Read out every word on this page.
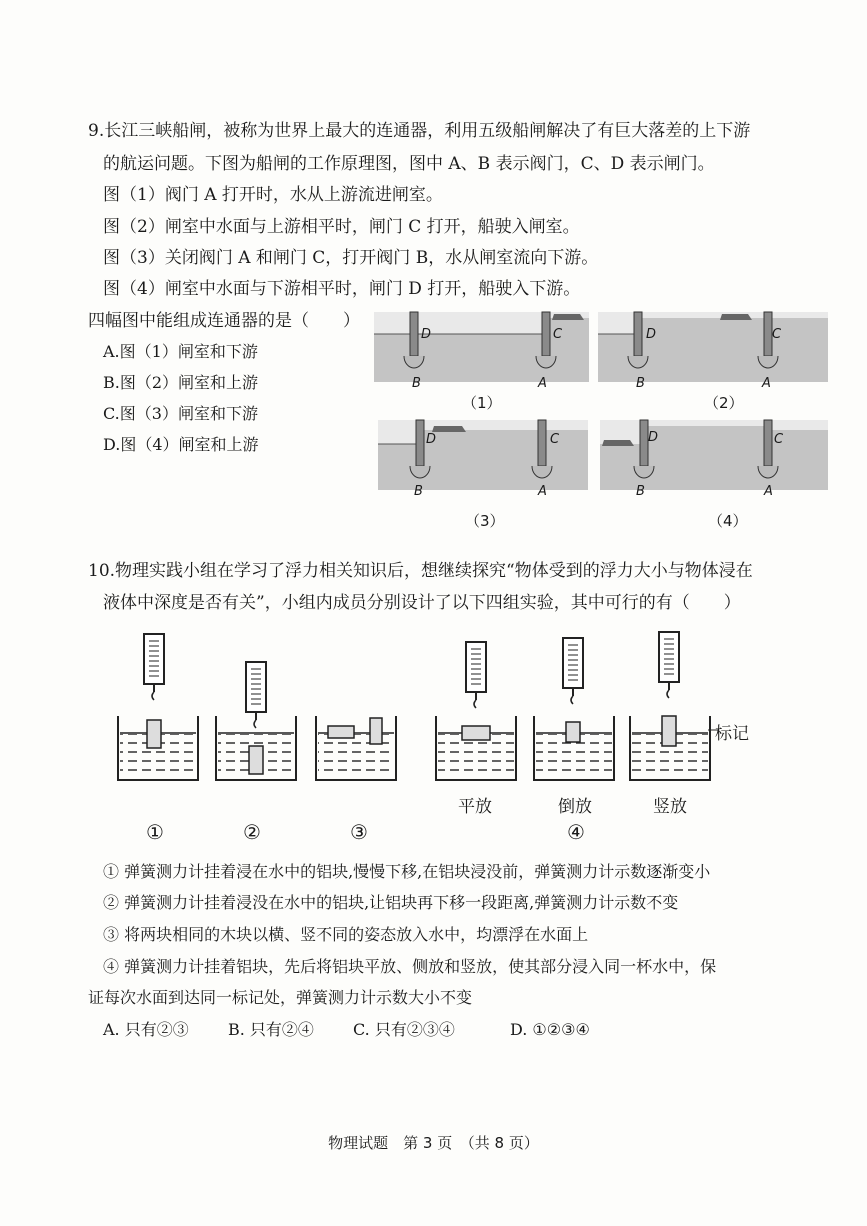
9.长江三峡船闸，被称为世界上最大的连通器，利用五级船闸解决了有巨大落差的上下游
的航运问题。下图为船闸的工作原理图，图中 A、B 表示阀门，C、D 表示闸门。
图（1）阀门 A 打开时，水从上游流进闸室。
图（2）闸室中水面与上游相平时，闸门 C 打开，船驶入闸室。
图（3）关闭阀门 A 和闸门 C，打开阀门 B，水从闸室流向下游。
图（4）闸室中水面与下游相平时，闸门 D 打开，船驶入下游。
四幅图中能组成连通器的是（　　）
A.图（1）闸室和下游
B.图（2）闸室和上游
C.图（3）闸室和下游
D.图（4）闸室和上游
D	C
B	A
（1）
D	C
B	A
（2）
D	C
B	A
（3）
D	C
B	A
（4）
10.物理实践小组在学习了浮力相关知识后，想继续探究“物体受到的浮力大小与物体浸在
液体中深度是否有关”，小组内成员分别设计了以下四组实验，其中可行的有（　　）
标记
平放	倒放	竖放
①	②	③	④
① 弹簧测力计挂着浸在水中的铝块,慢慢下移,在铝块浸没前，弹簧测力计示数逐渐变小
② 弹簧测力计挂着浸没在水中的铝块,让铝块再下移一段距离,弹簧测力计示数不变
③ 将两块相同的木块以横、竖不同的姿态放入水中，均漂浮在水面上
④ 弹簧测力计挂着铝块，先后将铝块平放、侧放和竖放，使其部分浸入同一杯水中，保
证每次水面到达同一标记处，弹簧测力计示数大小不变
A. 只有②③ B. 只有②④ C. 只有②③④	D. ①②③④
物理试题　第 3 页　（共 8 页）
